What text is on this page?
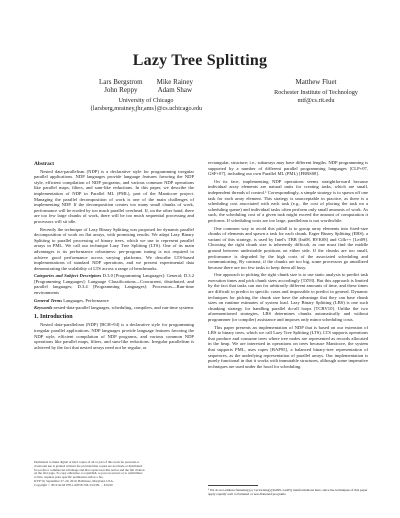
Lazy Tree Splitting
Lars Bergstrom
John Reppy
Mike Rainey
Adam Shaw
University of Chicago
{larsberg,mrainey,jhr,ams}@cs.uchicago.edu
Matthew Fluet
Rochester Institute of Technology
mtf@cs.rit.edu
Abstract

Nested data-parallelism (NDP) is a declarative style for programming irregular parallel applications. NDP languages provide language features favoring the NDP style, efficient compilation of NDP programs, and various common NDP operations like parallel maps, filters, and sum-like reductions. In this paper, we describe the implementation of NDP in Parallel ML (PML), part of the Manticore project. Managing the parallel decomposition of work is one of the main challenges of implementing NDP. If the decomposition creates too many small chunks of work, performance will be eroded by too much parallel overhead. If, on the other hand, there are too few large chunks of work, there will be too much sequential processing and processors will sit idle.

Recently the technique of Lazy Binary Splitting was proposed for dynamic parallel decomposition of work on flat arrays, with promising results. We adapt Lazy Binary Splitting to parallel processing of binary trees, which we use to represent parallel arrays in PML. We call our technique Lazy Tree Splitting (LTS). One of its main advantages is its performance robustness: per-program tuning is not required to achieve good performance across varying platforms. We describe LTS-based implementations of standard NDP operations, and we present experimental data demonstrating the scalability of LTS across a range of benchmarks.

Categories and Subject Descriptors D.3.0 [Programming Languages]: General; D.3.2 [Programming Languages]: Language Classifications—Concurrent, distributed, and parallel languages; D.3.4 [Programming Languages]: Processors—Run-time environments

General Terms Languages, Performance

Keywords nested-data-parallel languages, scheduling, compilers, and run-time systems

1. Introduction

Nested data-parallelism (NDP) [BCH+94] is a declarative style for programming irregular parallel applications. NDP languages provide language features favoring the NDP style, efficient compilation of NDP programs, and various common NDP operations like parallel maps, filters, and sum-like reductions. Irregular parallelism is achieved by the fact that nested arrays need not be regular, or

Permission to make digital or hard copies of all or part of this work for personal or
classroom use is granted without fee provided that copies are not made or distributed
for profit or commercial advantage and that copies bear this notice and the full citation
on the first page. To copy otherwise, to republish, to post on servers or to redistribute
to lists, requires prior specific permission and/or a fee.
ICFP'10, September 27–29, 2010, Baltimore, Maryland, USA.
Copyright © 2010 ACM 978-1-60558-794-3/10/09. . . $10.00

rectangular, structure; i.e., subarrays may have different lengths. NDP programming is supported by a number of different parallel programming languages [CLP+07, GSF+07], including our own Parallel ML (PML) [FRRS08].

On its face, implementing NDP operations seems straightforward because individual array elements are natural units for creating tasks, which are small, independent threads of control.¹ Correspondingly, a simple strategy is to spawn off one task for each array element. This strategy is unacceptable in practice, as there is a scheduling cost associated with each task (e.g., the cost of placing the task on a scheduling queue) and individual tasks often perform only small amounts of work. As such, the scheduling cost of a given task might exceed the amount of computation it performs. If scheduling costs are too large, parallelism is not worthwhile.

One common way to avoid this pitfall is to group array elements into fixed-size chunks of elements and spawn a task for each chunk. Eager Binary Splitting (EBS), a variant of this strategy, is used by Intel's TBB [Int08, RVK08] and Cilk++ [Lei09]. Choosing the right chunk size is inherently difficult, as one must find the middle ground between undesirable positions on either side. If the chunks are too small, performance is degraded by the high costs of the associated scheduling and communicating. By contrast, if the chunks are too big, some processors go unutilized because there are too few tasks to keep them all busy.

One approach to picking the right chunk size is to use static analysis to predict task execution times and pick chunk sizes accordingly [TZ93]. But this approach is limited by the fact that tasks can run for arbitrarily different amounts of time, and these times are difficult to predict in specific cases and impossible to predict in general. Dynamic techniques for picking the chunk size have the advantage that they can base chunk sizes on runtime estimates of system load. Lazy Binary Splitting (LBS) is one such chunking strategy for handling parallel do-all loops [TCBV10]. Unlike the two aforementioned strategies, LBS determines chunks automatically and without programmer (or compiler) assistance and imposes only minor scheduling costs.

This paper presents an implementation of NDP that is based on our extension of LBS to binary trees, which we call Lazy Tree Splitting (LTS). LTS supports operations that produce and consume trees where tree nodes are represented as records allocated in the heap. We are interested in operations on trees because Manticore, the system that supports PML, uses ropes [BAP95], a balanced binary-tree representation of sequences, as the underlying representation of parallel arrays. Our implementation is purely functional in that it works with immutable structures, although some imperative techniques are used under the hood for scheduling.

¹ We do not address flattening (or vectorizing) [Kel99, Les05] transformations here, since the techniques of this paper apply equally well to flattened or non-flattened programs.
